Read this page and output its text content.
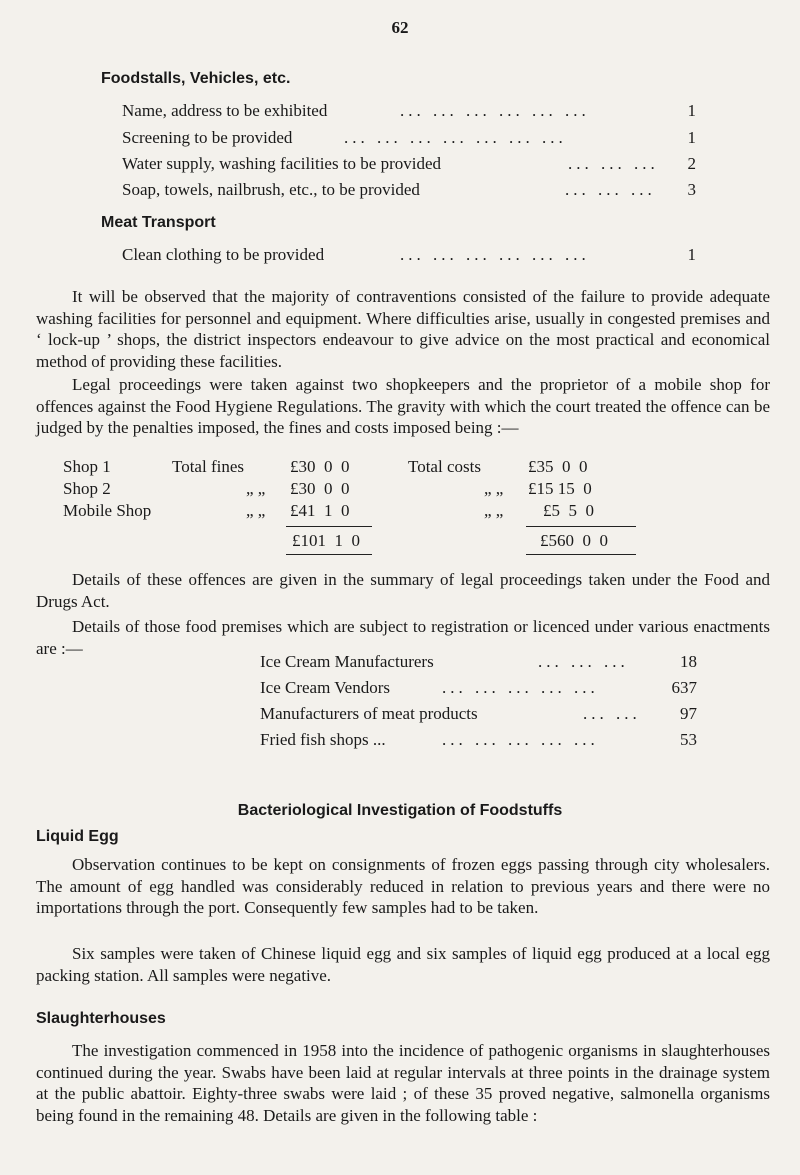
62
Foodstalls, Vehicles, etc.
Name, address to be exhibited	... ... ... ... ... ...	1
Screening to be provided	... ... ... ... ... ... ...	1
Water supply, washing facilities to be provided	... ... ...	2
Soap, towels, nailbrush, etc., to be provided	... ... ...	3
Meat Transport
Clean clothing to be provided	... ... ... ... ... ...	1

It will be observed that the majority of contraventions consisted of the failure to provide adequate washing facilities for personnel and equipment. Where difficulties arise, usually in congested premises and ‘ lock-up ’ shops, the district inspectors endeavour to give advice on the most practical and economical method of providing these facilities.

Legal proceedings were taken against two shopkeepers and the proprietor of a mobile shop for offences against the Food Hygiene Regulations. The gravity with which the court treated the offence can be judged by the penalties imposed, the fines and costs imposed being :—

Shop 1	Total fines	£30  0  0	Total costs	£35  0  0
Shop 2	„ „ £30  0  0	„ „ £15 15  0
Mobile Shop	„ „ £41  1  0	„ „ £5  5  0
£101  1  0	£560  0  0

Details of these offences are given in the summary of legal proceedings taken under the Food and Drugs Act.

Details of those food premises which are subject to registration or licenced under various enactments are :—

Ice Cream Manufacturers	... ... ...	18
Ice Cream Vendors	... ... ... ... ...	637
Manufacturers of meat products	... ...	97
Fried fish shops ...	... ... ... ... ...	53
Bacteriological Investigation of Foodstuffs
Liquid Egg

Observation continues to be kept on consignments of frozen eggs passing through city wholesalers. The amount of egg handled was considerably reduced in relation to previous years and there were no importations through the port. Consequently few samples had to be taken.

Six samples were taken of Chinese liquid egg and six samples of liquid egg produced at a local egg packing station. All samples were negative.

Slaughterhouses

The investigation commenced in 1958 into the incidence of pathogenic organisms in slaughterhouses continued during the year. Swabs have been laid at regular intervals at three points in the drainage system at the public abattoir. Eighty-three swabs were laid ; of these 35 proved negative, salmonella organisms being found in the remaining 48. Details are given in the following table :
